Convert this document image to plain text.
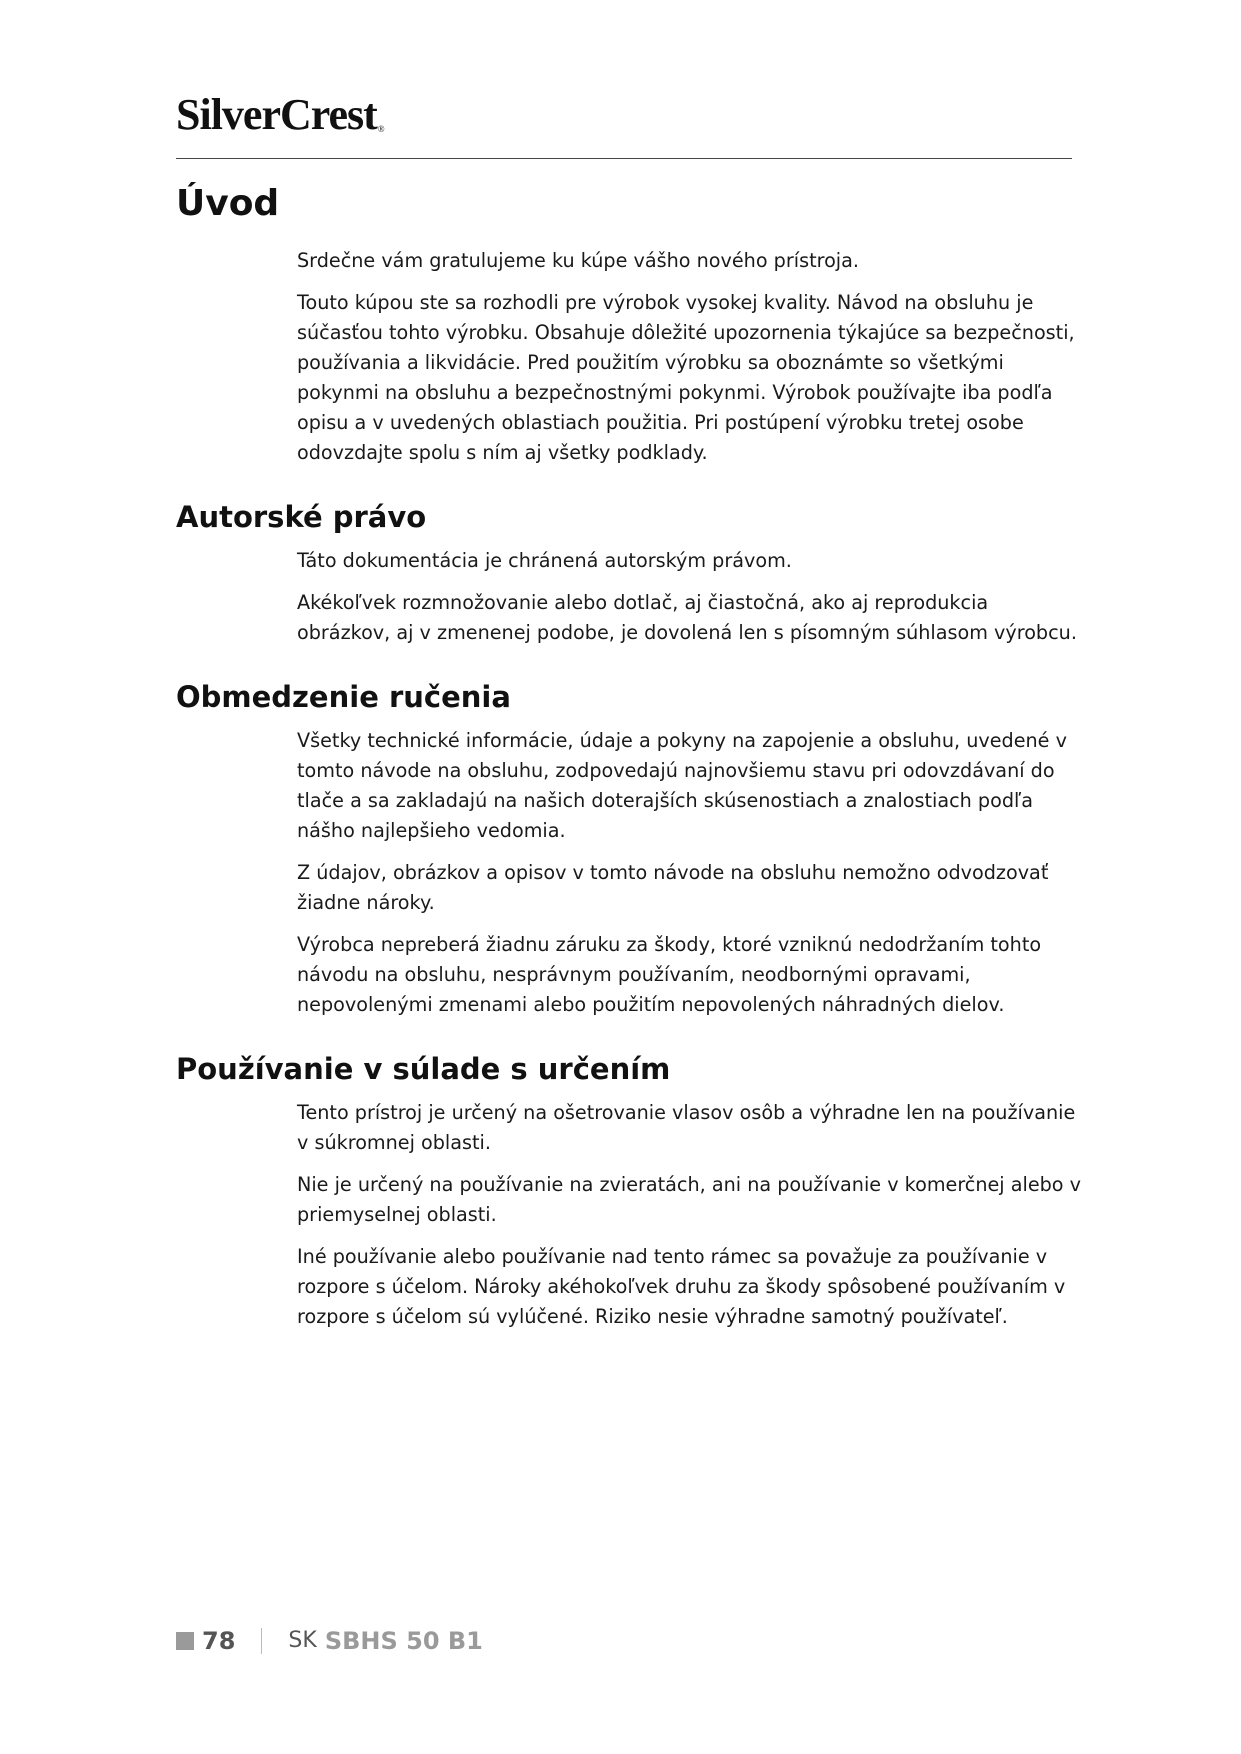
SilverCrest®
Úvod

Srdečne vám gratulujeme ku kúpe vášho nového prístroja.

Touto kúpou ste sa rozhodli pre výrobok vysokej kvality. Návod na obsluhu je súčasťou tohto výrobku. Obsahuje dôležité upozornenia týkajúce sa bezpečnosti, používania a likvidácie. Pred použitím výrobku sa oboznámte so všetkými pokynmi na obsluhu a bezpečnostnými pokynmi. Výrobok používajte iba podľa opisu a v uvedených oblastiach použitia. Pri postúpení výrobku tretej osobe odovzdajte spolu s ním aj všetky podklady.

Autorské právo

Táto dokumentácia je chránená autorským právom.

Akékoľvek rozmnožovanie alebo dotlač, aj čiastočná, ako aj reprodukcia obrázkov, aj v zmenenej podobe, je dovolená len s písomným súhlasom výrobcu.

Obmedzenie ručenia

Všetky technické informácie, údaje a pokyny na zapojenie a obsluhu, uvedené v tomto návode na obsluhu, zodpovedajú najnovšiemu stavu pri odovzdávaní do tlače a sa zakladajú na našich doterajších skúsenostiach a znalostiach podľa nášho najlepšieho vedomia.

Z údajov, obrázkov a opisov v tomto návode na obsluhu nemožno odvodzovať žiadne nároky.

Výrobca nepreberá žiadnu záruku za škody, ktoré vzniknú nedodržaním tohto návodu na obsluhu, nesprávnym používaním, neodbornými opravami, nepovolenými zmenami alebo použitím nepovolených náhradných dielov.

Používanie v súlade s určením

Tento prístroj je určený na ošetrovanie vlasov osôb a výhradne len na používanie v súkromnej oblasti.

Nie je určený na používanie na zvieratách, ani na používanie v komerčnej alebo v priemyselnej oblasti.

Iné používanie alebo používanie nad tento rámec sa považuje za používanie v rozpore s účelom. Nároky akéhokoľvek druhu za škody spôsobené používaním v rozpore s účelom sú vylúčené. Riziko nesie výhradne samotný používateľ.

78 SK SBHS 50 B1
